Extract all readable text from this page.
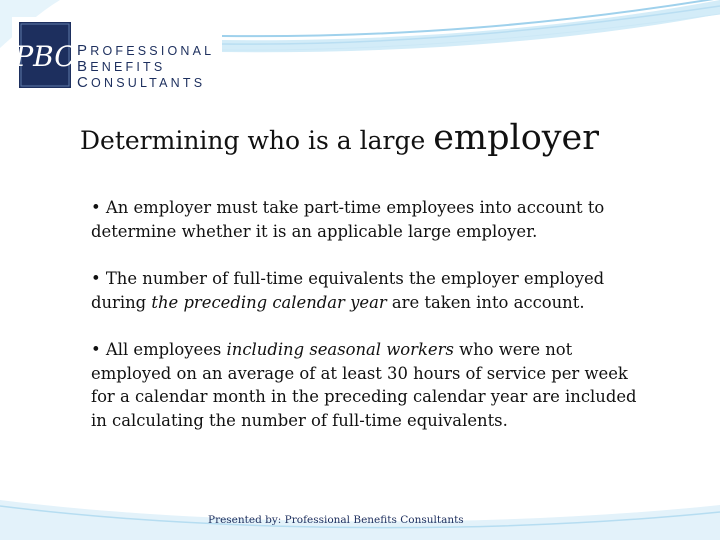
PBC PROFESSIONAL
BENEFITS
CONSULTANTS
Determining who is a large employer

• An employer must take part-time employees into account to determine whether it is an applicable large employer.

• The number of full-time equivalents the employer employed during the preceding calendar year are taken into account.

• All employees including seasonal workers who were not employed on an average of at least 30 hours of service per week for a calendar month in the preceding calendar year are included in calculating the number of full-time equivalents.

Presented by: Professional Benefits Consultants
